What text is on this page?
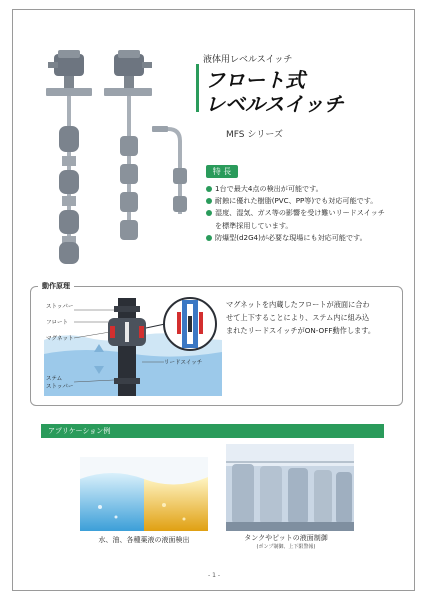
液体用レベルスイッチ
フロート式
レベルスイッチ
MFS シリーズ
特 長
1台で最大4点の検出が可能です。
耐蝕に優れた樹脂(PVC、PP等)でも対応可能です。
湿度、湿気、ガス等の影響を受け難いリードスイッチ
を標準採用しています。
防爆型(d2G4)が必要な現場にも対応可能です。
動作原理
ストッパー
フロート
マグネット
リードスイッチ
ステム
ストッパー
マグネットを内蔵したフロートが液面に合わ
せて上下することにより、ステム内に組み込
まれたリードスイッチがON-OFF動作します。
アプリケーション例
水、油、各種薬液の液面検出	タンクやピットの液面制御
(ポンプ制御、上下限警報)
- 1 -
